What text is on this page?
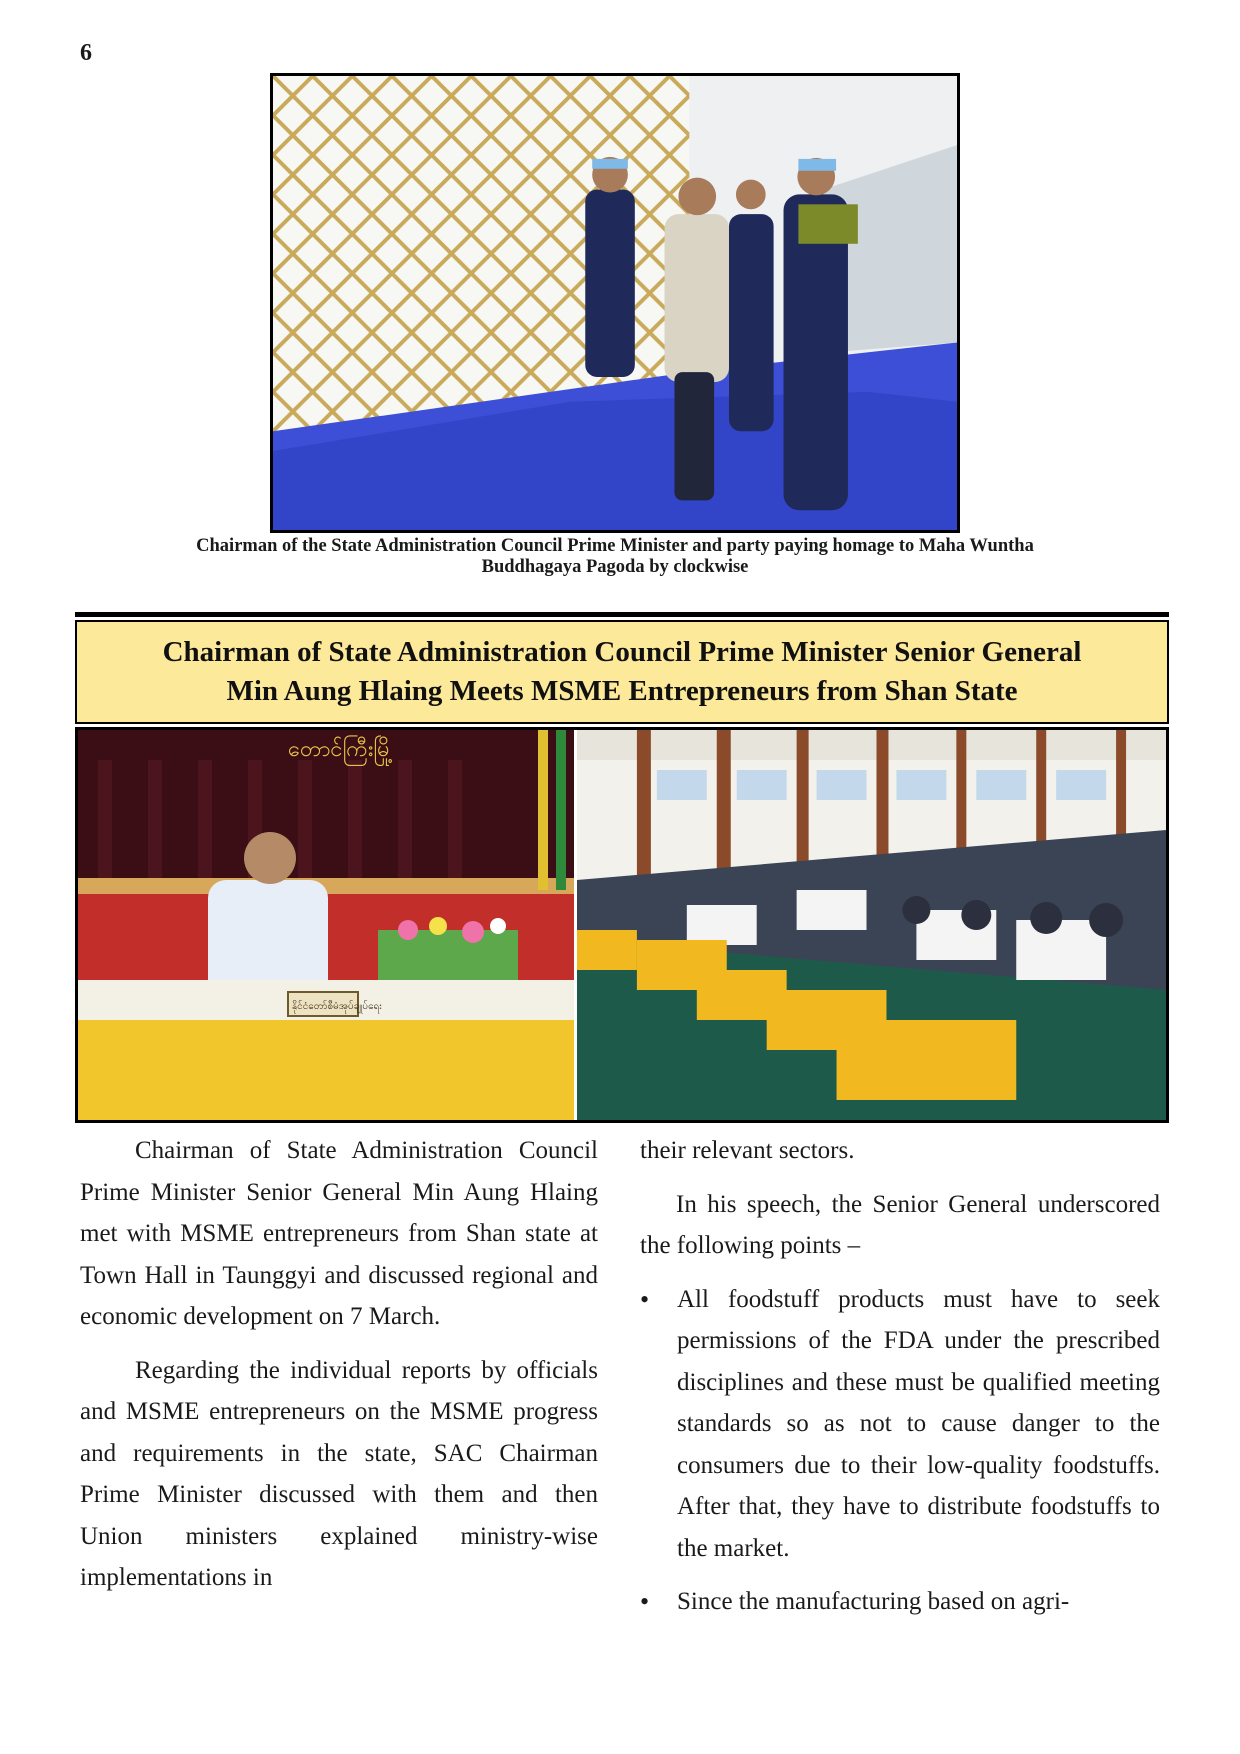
6
Chairman of the State Administration Council Prime Minister and party paying homage to Maha Wuntha Buddhagaya Pagoda by clockwise
Chairman of State Administration Council Prime Minister Senior General
Min Aung Hlaing Meets MSME Entrepreneurs from Shan State
တောင်ကြီးမြို့
နိုင်ငံတော်စီမံအုပ်ချုပ်ရေး

Chairman of State Administration Council Prime Minister Senior General Min Aung Hlaing met with MSME entrepreneurs from Shan state at Town Hall in Taunggyi and discussed regional and economic development on 7 March.

Regarding the individual reports by officials and MSME entrepreneurs on the MSME progress and requirements in the state, SAC Chairman Prime Minister discussed with them and then Union ministers explained ministry-wise implementations in

their relevant sectors.

In his speech, the Senior General underscored the following points –

• All foodstuff products must have to seek permissions of the FDA under the prescribed disciplines and these must be qualified meeting standards so as not to cause danger to the consumers due to their low-quality foodstuffs. After that, they have to distribute foodstuffs to the market.
• Since the manufacturing based on agri-
